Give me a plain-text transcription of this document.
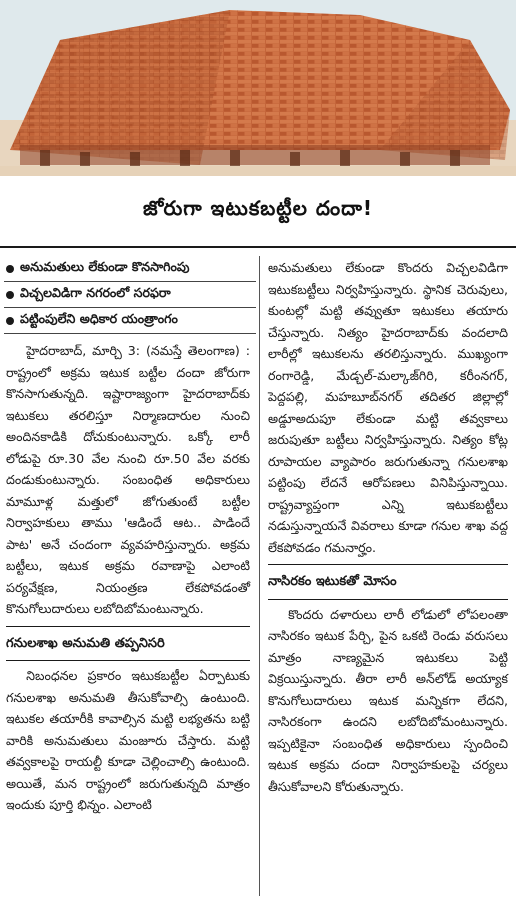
జోరుగా ఇటుకబట్టీల దందా!
అనుమతులు లేకుండా కొనసాగింపు
విచ్చలవిడిగా నగరంలో సరఫరా
పట్టింపులేని అధికార యంత్రాంగం

హైదరాబాద్, మార్చి 3: (నమస్తే తెలంగాణ) : రాష్ట్రంలో అక్రమ ఇటుక బట్టీల దందా జోరుగా కొనసాగుతున్నది. ఇష్టారాజ్యంగా హైదరాబాద్‌కు ఇటుకలు తరలిస్తూ నిర్మాణదారుల నుంచి అందినకాడికి దోచుకుంటున్నారు. ఒక్కో లారీ లోడుపై రూ.30 వేల నుంచి రూ.50 వేల వరకు దండుకుంటున్నారు. సంబంధిత అధికారులు మామూళ్ల మత్తులో జోగుతుంటే బట్టీల నిర్వాహకులు తాము 'ఆడిందే ఆట.. పాడిందే పాట' అనే చందంగా వ్యవహరిస్తున్నారు. అక్రమ బట్టీలు, ఇటుక అక్రమ రవాణాపై ఎలాంటి పర్యవేక్షణ, నియంత్రణ లేకపోవడంతో కొనుగోలుదారులు లబోదిబోమంటున్నారు.

గనులశాఖ అనుమతి తప్పనిసరి

నిబంధనల ప్రకారం ఇటుకబట్టీల ఏర్పాటుకు గనులశాఖ అనుమతి తీసుకోవాల్సి ఉంటుంది. ఇటుకల తయారీకి కావాల్సిన మట్టి లభ్యతను బట్టి వారికి అనుమతులు మంజూరు చేస్తారు. మట్టి తవ్వకాలపై రాయల్టీ కూడా చెల్లించాల్సి ఉంటుంది. అయితే, మన రాష్ట్రంలో జరుగుతున్నది మాత్రం ఇందుకు పూర్తి భిన్నం. ఎలాంటి

అనుమతులు లేకుండా కొందరు విచ్చలవిడిగా ఇటుకబట్టీలు నిర్వహిస్తున్నారు. స్థానిక చెరువులు, కుంటల్లో మట్టి తవ్వుతూ ఇటుకలు తయారు చేస్తున్నారు. నిత్యం హైదరాబాద్‌కు వందలాది లారీల్లో ఇటుకలను తరలిస్తున్నారు. ముఖ్యంగా రంగారెడ్డి, మేడ్చల్-మల్కాజ్‌గిరి, కరీంనగర్, పెద్దపల్లి, మహబూబ్‌నగర్ తదితర జిల్లాల్లో అడ్డూఅదుపూ లేకుండా మట్టి తవ్వకాలు జరుపుతూ బట్టీలు నిర్వహిస్తున్నారు. నిత్యం కోట్ల రూపాయల వ్యాపారం జరుగుతున్నా గనులశాఖ పట్టింపు లేదనే ఆరోపణలు వినిపిస్తున్నాయి. రాష్ట్రవ్యాప్తంగా ఎన్ని ఇటుకబట్టీలు నడుస్తున్నాయనే వివరాలు కూడా గనుల శాఖ వద్ద లేకపోవడం గమనార్హం.

నాసిరకం ఇటుకతో మోసం

కొందరు దళారులు లారీ లోడులో లోపలంతా నాసిరకం ఇటుక పేర్చి, పైన ఒకటి రెండు వరుసలు మాత్రం నాణ్యమైన ఇటుకలు పెట్టి విక్రయిస్తున్నారు. తీరా లారీ అన్‌లోడ్ అయ్యాక కొనుగోలుదారులు ఇటుక మన్నికగా లేదని, నాసిరకంగా ఉందని లబోదిబోమంటున్నారు. ఇప్పటికైనా సంబంధిత అధికారులు స్పందించి ఇటుక అక్రమ దందా నిర్వాహకులపై చర్యలు తీసుకోవాలని కోరుతున్నారు.
